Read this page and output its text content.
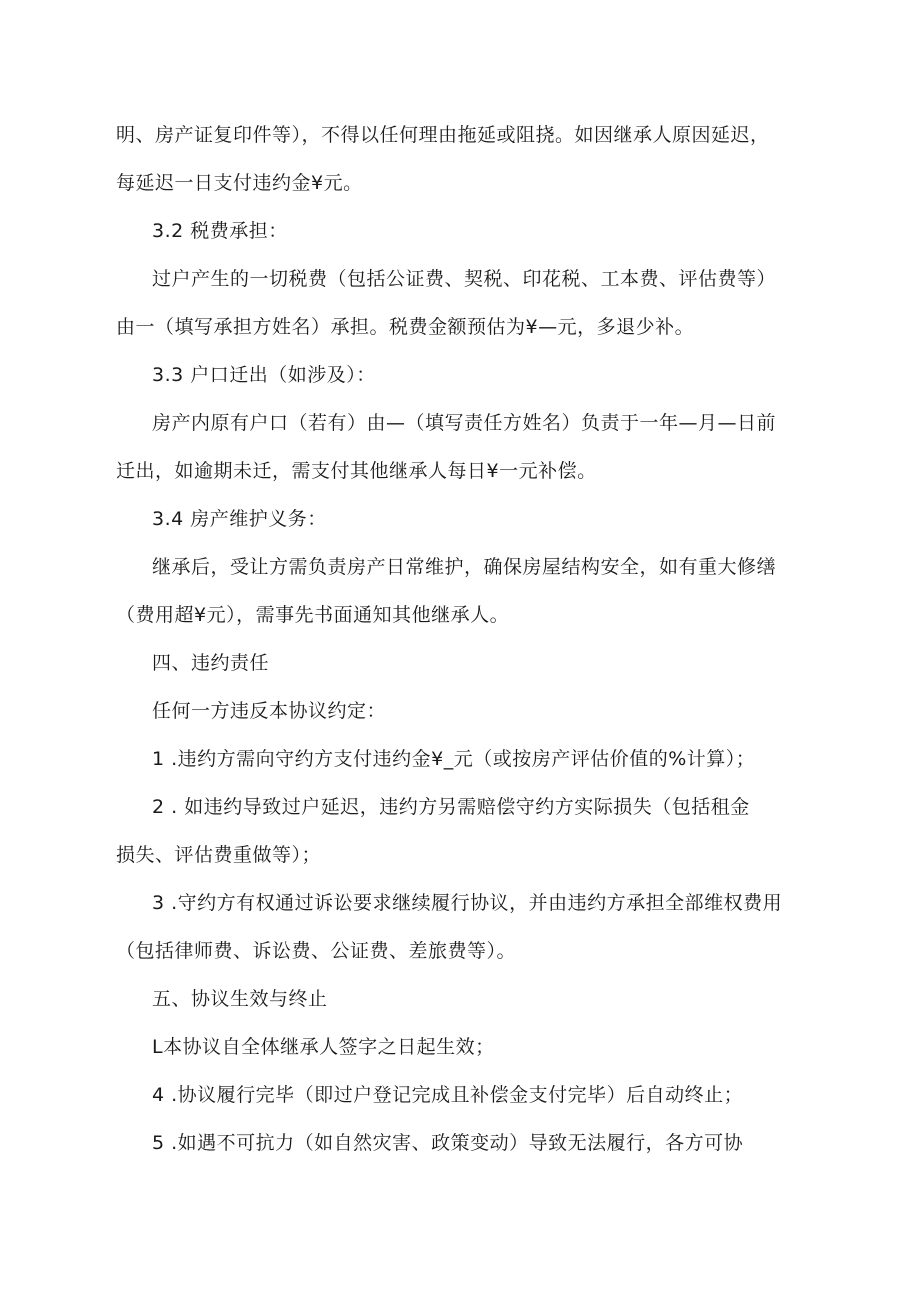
明、房产证复印件等），不得以任何理由拖延或阻挠。如因继承人原因延迟，
每延迟一日支付违约金¥元。
3.2 税费承担：
过户产生的一切税费（包括公证费、契税、印花税、工本费、评估费等）
由一（填写承担方姓名）承担。税费金额预估为¥—元，多退少补。
3.3 户口迁出（如涉及）：
房产内原有户口（若有）由—（填写责任方姓名）负责于一年—月—日前
迁出，如逾期未迁，需支付其他继承人每日¥一元补偿。
3.4 房产维护义务：
继承后，受让方需负责房产日常维护，确保房屋结构安全，如有重大修缮
（费用超¥元），需事先书面通知其他继承人。
四、违约责任
任何一方违反本协议约定：
1 .违约方需向守约方支付违约金¥_元（或按房产评估价值的%计算）；
2 . 如违约导致过户延迟，违约方另需赔偿守约方实际损失（包括租金
损失、评估费重做等）；
3 .守约方有权通过诉讼要求继续履行协议，并由违约方承担全部维权费用
（包括律师费、诉讼费、公证费、差旅费等）。
五、协议生效与终止
L本协议自全体继承人签字之日起生效；
4 .协议履行完毕（即过户登记完成且补偿金支付完毕）后自动终止；
5 .如遇不可抗力（如自然灾害、政策变动）导致无法履行，各方可协
